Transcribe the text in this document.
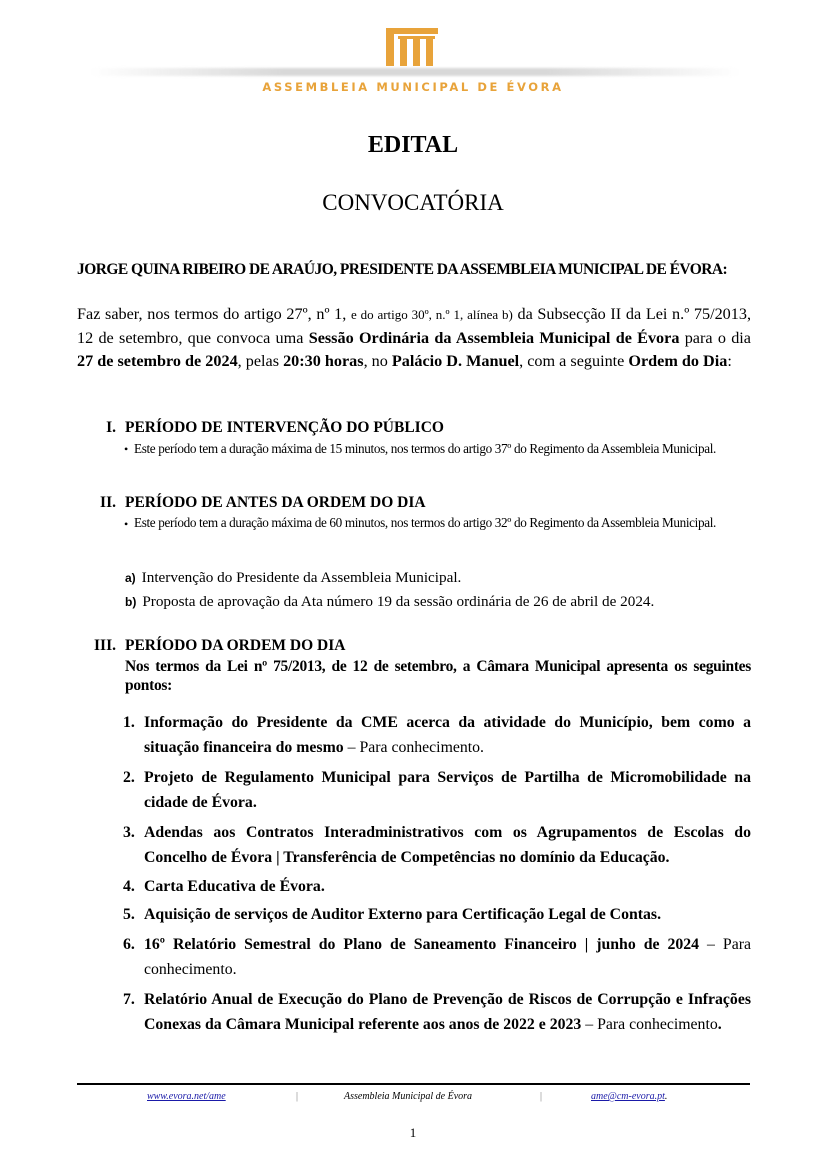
ASSEMBLEIA MUNICIPAL DE ÉVORA
EDITAL
CONVOCATÓRIA
JORGE QUINA RIBEIRO DE ARAÚJO, PRESIDENTE DA ASSEMBLEIA MUNICIPAL DE ÉVORA:
Faz saber, nos termos do artigo 27º, nº 1, e do artigo 30º, n.º 1, alínea b) da Subsecção II da Lei n.º 75/2013, 12 de setembro, que convoca uma Sessão Ordinária da Assembleia Municipal de Évora para o dia 27 de setembro de 2024, pelas 20:30 horas, no Palácio D. Manuel, com a seguinte Ordem do Dia:
I. PERÍODO DE INTERVENÇÃO DO PÚBLICO
• Este período tem a duração máxima de 15 minutos, nos termos do artigo 37º do Regimento da Assembleia Municipal.
II. PERÍODO DE ANTES DA ORDEM DO DIA
• Este período tem a duração máxima de 60 minutos, nos termos do artigo 32º do Regimento da Assembleia Municipal.
a) Intervenção do Presidente da Assembleia Municipal.
b) Proposta de aprovação da Ata número 19 da sessão ordinária de 26 de abril de 2024.
III. PERÍODO DA ORDEM DO DIA
Nos termos da Lei nº 75/2013, de 12 de setembro, a Câmara Municipal apresenta os seguintes pontos:
1. Informação do Presidente da CME acerca da atividade do Município, bem como a situação financeira do mesmo – Para conhecimento.
2. Projeto de Regulamento Municipal para Serviços de Partilha de Micromobilidade na cidade de Évora.
3. Adendas aos Contratos Interadministrativos com os Agrupamentos de Escolas do Concelho de Évora | Transferência de Competências no domínio da Educação.
4. Carta Educativa de Évora.
5. Aquisição de serviços de Auditor Externo para Certificação Legal de Contas.
6. 16º Relatório Semestral do Plano de Saneamento Financeiro | junho de 2024 – Para conhecimento.
7. Relatório Anual de Execução do Plano de Prevenção de Riscos de Corrupção e Infrações Conexas da Câmara Municipal referente aos anos de 2022 e 2023 – Para conhecimento.
www.evora.net/ame	|	Assembleia Municipal de Évora	|	ame@cm-evora.pt.
1
